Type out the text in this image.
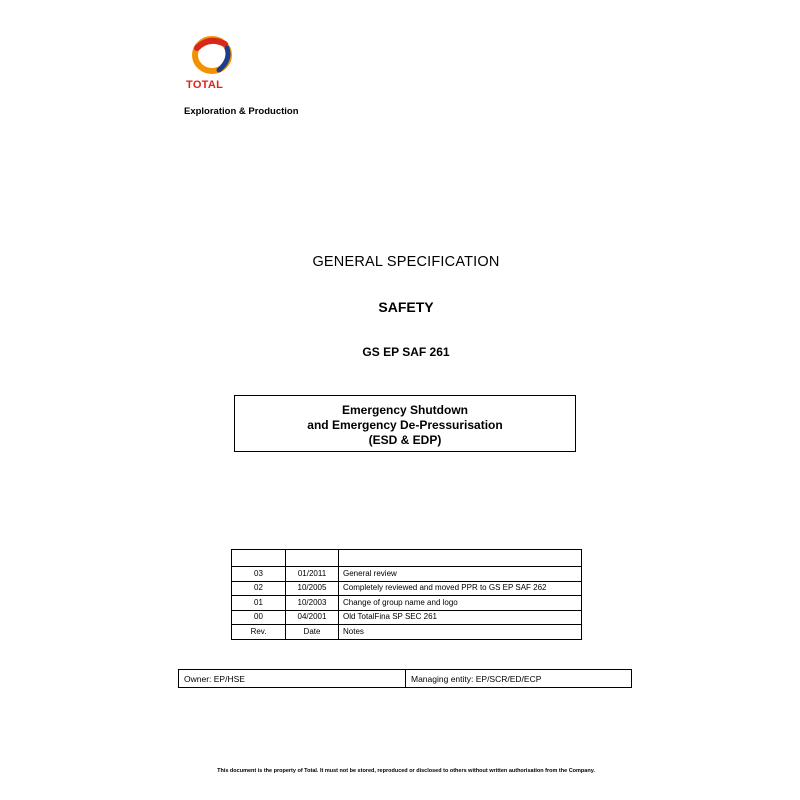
TOTAL
Exploration & Production
GENERAL SPECIFICATION
SAFETY
GS EP SAF 261
Emergency Shutdown
and Emergency De-Pressurisation
(ESD & EDP)

03	01/2011	General review
02	10/2005	Completely reviewed and moved PPR to GS EP SAF 262
01	10/2003	Change of group name and logo
00	04/2001	Old TotalFina SP SEC 261
Rev.	Date	Notes
Owner: EP/HSE	Managing entity: EP/SCR/ED/ECP
This document is the property of Total. It must not be stored, reproduced or disclosed to others without written authorisation from the Company.
